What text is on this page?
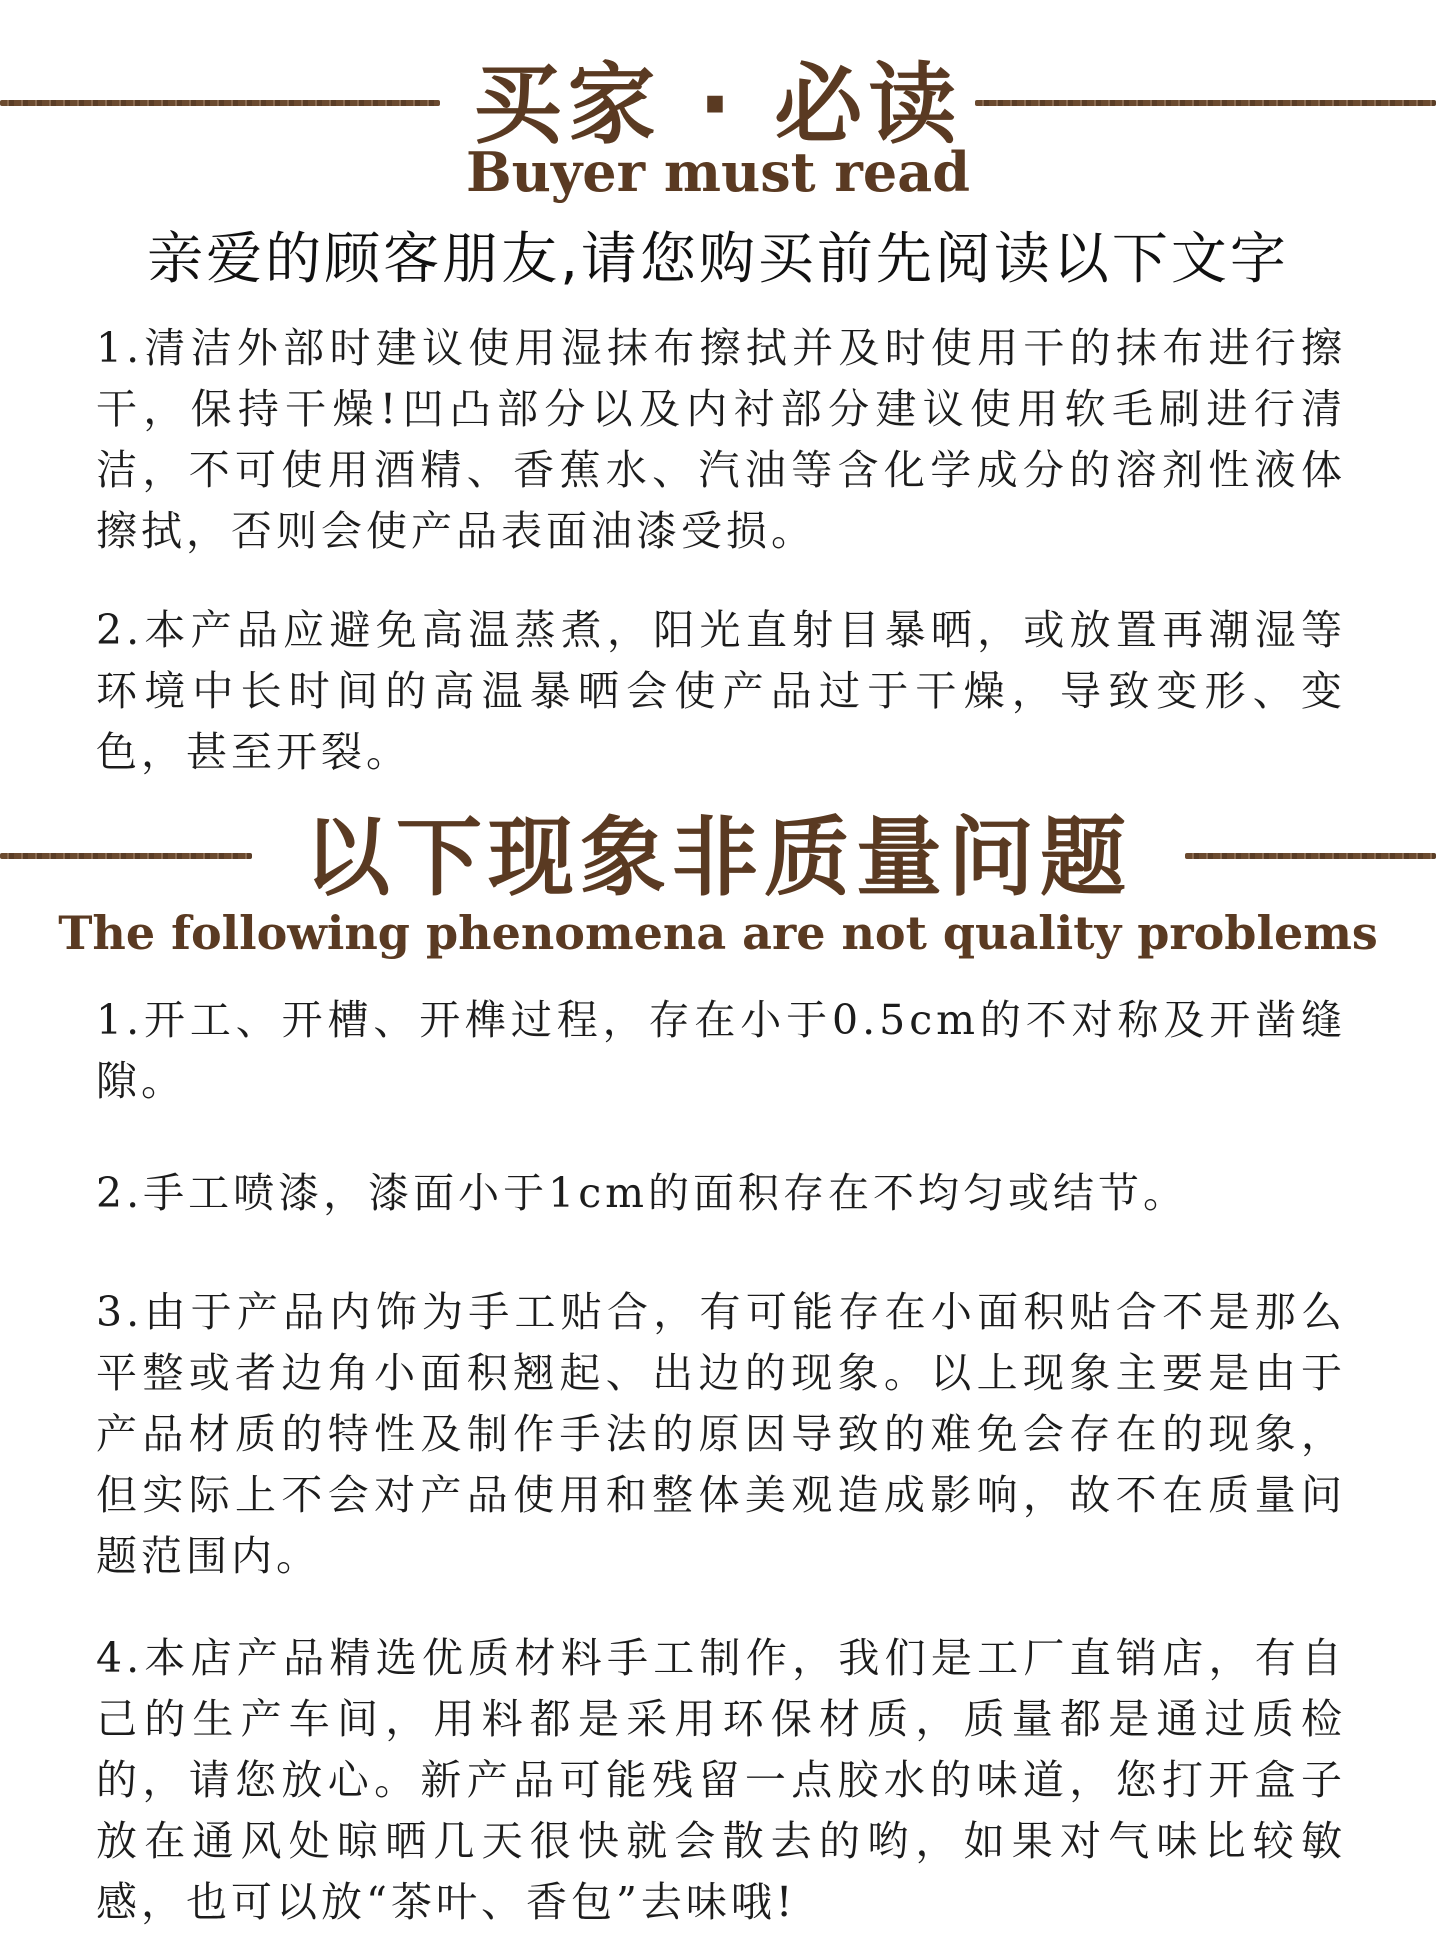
买家 · 必读
Buyer must read

亲爱的顾客朋友,请您购买前先阅读以下文字

1.清洁外部时建议使用湿抹布擦拭并及时使用干的抹布进行擦干，保持干燥!凹凸部分以及内衬部分建议使用软毛刷进行清洁，不可使用酒精、香蕉水、汽油等含化学成分的溶剂性液体擦拭，否则会使产品表面油漆受损。

2.本产品应避免高温蒸煮，阳光直射目暴晒，或放置再潮湿等环境中长时间的高温暴晒会使产品过于干燥，导致变形、变色，甚至开裂。

以下现象非质量问题
The following phenomena are not quality problems

1.开工、开槽、开榫过程，存在小于0.5cm的不对称及开凿缝隙。

2.手工喷漆，漆面小于1cm的面积存在不均匀或结节。

3.由于产品内饰为手工贴合，有可能存在小面积贴合不是那么平整或者边角小面积翘起、出边的现象。以上现象主要是由于产品材质的特性及制作手法的原因导致的难免会存在的现象，但实际上不会对产品使用和整体美观造成影响，故不在质量问题范围内。

4.本店产品精选优质材料手工制作，我们是工厂直销店，有自己的生产车间，用料都是采用环保材质，质量都是通过质检的，请您放心。新产品可能残留一点胶水的味道，您打开盒子放在通风处晾晒几天很快就会散去的哟，如果对气味比较敏感，也可以放“茶叶、香包”去味哦!
